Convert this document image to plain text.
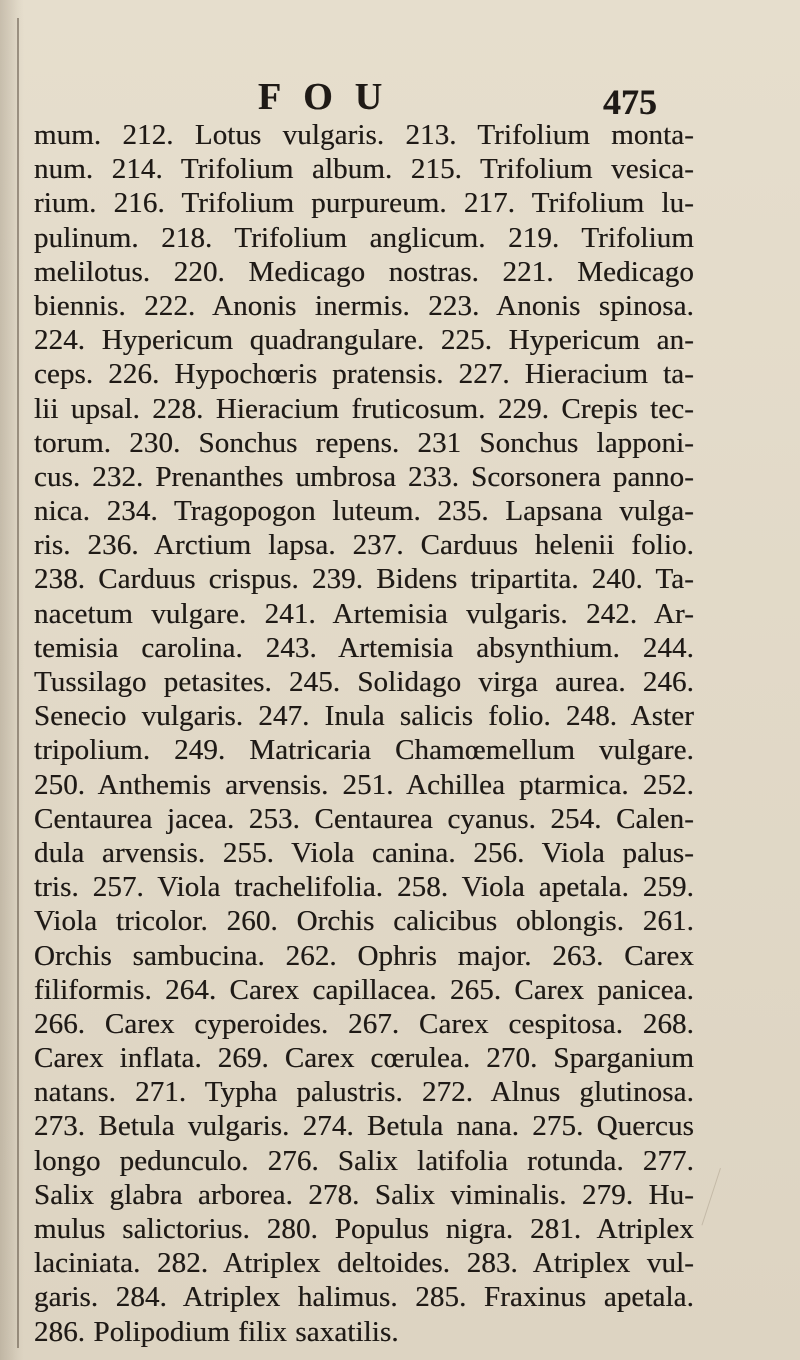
FOU	475
mum. 212. Lotus vulgaris. 213. Trifolium monta-
num. 214. Trifolium album. 215. Trifolium vesica-
rium. 216. Trifolium purpureum. 217. Trifolium lu-
pulinum. 218. Trifolium anglicum. 219. Trifolium
melilotus. 220. Medicago nostras. 221. Medicago
biennis. 222. Anonis inermis. 223. Anonis spinosa.
224. Hypericum quadrangulare. 225. Hypericum an-
ceps. 226. Hypochœris pratensis. 227. Hieracium ta-
lii upsal. 228. Hieracium fruticosum. 229. Crepis tec-
torum. 230. Sonchus repens. 231 Sonchus lapponi-
cus. 232. Prenanthes umbrosa 233. Scorsonera panno-
nica. 234. Tragopogon luteum. 235. Lapsana vulga-
ris. 236. Arctium lapsa. 237. Carduus helenii folio.
238. Carduus crispus. 239. Bidens tripartita. 240. Ta-
nacetum vulgare. 241. Artemisia vulgaris. 242. Ar-
temisia carolina. 243. Artemisia absynthium. 244.
Tussilago petasites. 245. Solidago virga aurea. 246.
Senecio vulgaris. 247. Inula salicis folio. 248. Aster
tripolium. 249. Matricaria Chamœmellum vulgare.
250. Anthemis arvensis. 251. Achillea ptarmica. 252.
Centaurea jacea. 253. Centaurea cyanus. 254. Calen-
dula arvensis. 255. Viola canina. 256. Viola palus-
tris. 257. Viola trachelifolia. 258. Viola apetala. 259.
Viola tricolor. 260. Orchis calicibus oblongis. 261.
Orchis sambucina. 262. Ophris major. 263. Carex
filiformis. 264. Carex capillacea. 265. Carex panicea.
266. Carex cyperoides. 267. Carex cespitosa. 268.
Carex inflata. 269. Carex cœrulea. 270. Sparganium
natans. 271. Typha palustris. 272. Alnus glutinosa.
273. Betula vulgaris. 274. Betula nana. 275. Quercus
longo pedunculo. 276. Salix latifolia rotunda. 277.
Salix glabra arborea. 278. Salix viminalis. 279. Hu-
mulus salictorius. 280. Populus nigra. 281. Atriplex
laciniata. 282. Atriplex deltoides. 283. Atriplex vul-
garis. 284. Atriplex halimus. 285. Fraxinus apetala.
286. Polipodium filix saxatilis.
